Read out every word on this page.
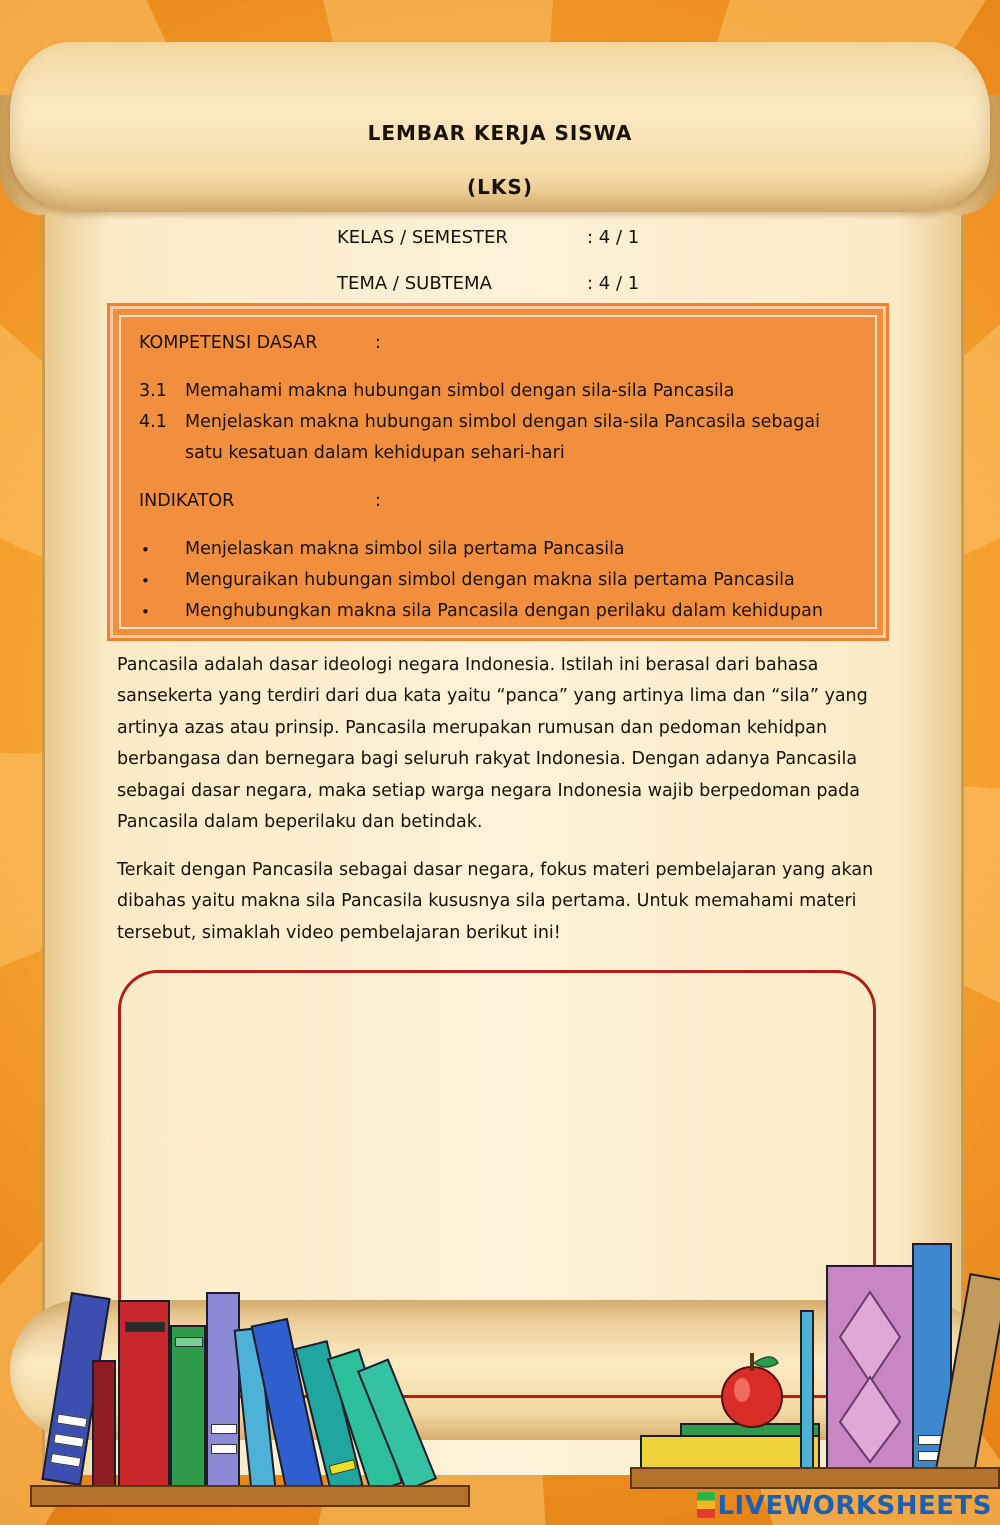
LEMBAR KERJA SISWA
(LKS)
KELAS / SEMESTER	: 4 / 1
TEMA / SUBTEMA	: 4 / 1
KOMPETENSI DASAR	:
3.1 Memahami makna hubungan simbol dengan sila-sila Pancasila
4.1 Menjelaskan makna hubungan simbol dengan sila-sila Pancasila sebagai
satu kesatuan dalam kehidupan sehari-hari
INDIKATOR	:
• Menjelaskan makna simbol sila pertama Pancasila
• Menguraikan hubungan simbol dengan makna sila pertama Pancasila
• Menghubungkan makna sila Pancasila dengan perilaku dalam kehidupan

Pancasila adalah dasar ideologi negara Indonesia. Istilah ini berasal dari bahasa sansekerta yang terdiri dari dua kata yaitu “panca” yang artinya lima dan “sila” yang artinya azas atau prinsip. Pancasila merupakan rumusan dan pedoman kehidpan berbangasa dan bernegara bagi seluruh rakyat Indonesia. Dengan adanya Pancasila sebagai dasar negara, maka setiap warga negara Indonesia wajib berpedoman pada Pancasila dalam beperilaku dan betindak.

Terkait dengan Pancasila sebagai dasar negara, fokus materi pembelajaran yang akan dibahas yaitu makna sila Pancasila kususnya sila pertama. Untuk memahami materi tersebut, simaklah video pembelajaran berikut ini!

LIVEWORKSHEETS
